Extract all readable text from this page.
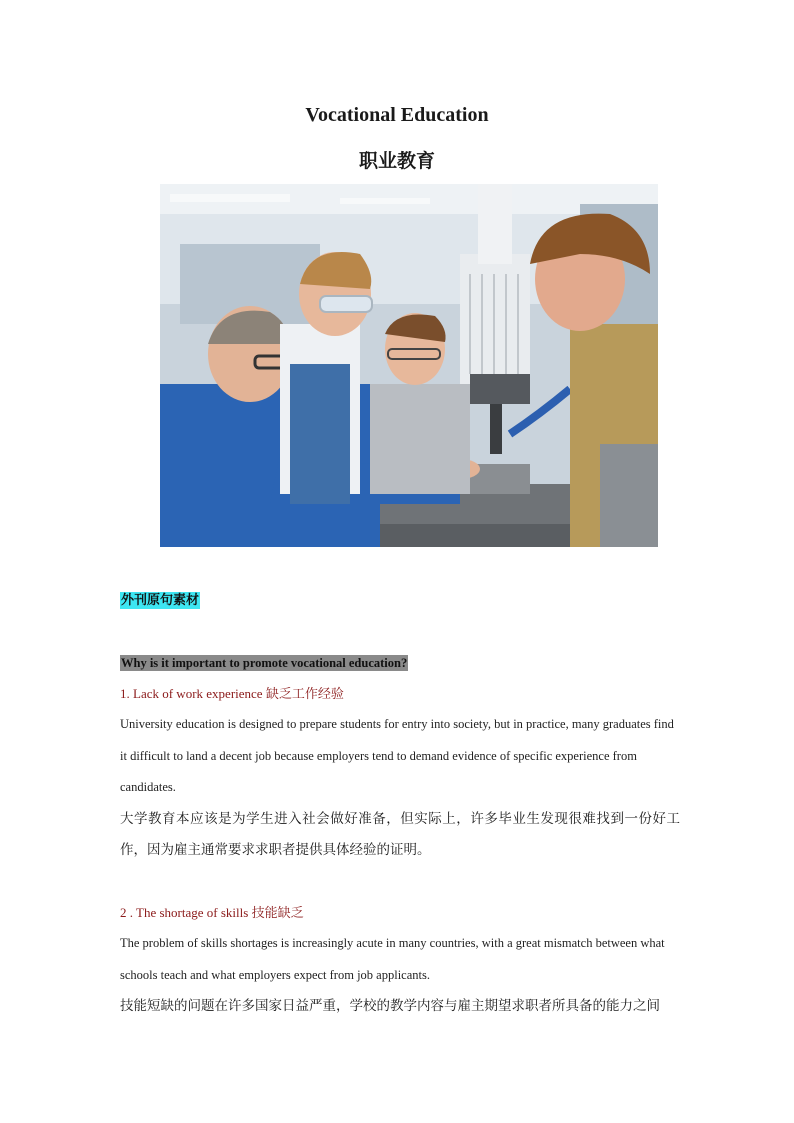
Vocational Education
职业教育
外刊原句素材
Why is it important to promote vocational education?
1. Lack of work experience 缺乏工作经验
University education is designed to prepare students for entry into society, but in practice, many graduates find it difficult to land a decent job because employers tend to demand evidence of specific experience from candidates.
大学教育本应该是为学生进入社会做好准备，但实际上，许多毕业生发现很难找到一份好工作，因为雇主通常要求求职者提供具体经验的证明。
2 . The shortage of skills 技能缺乏
The problem of skills shortages is increasingly acute in many countries, with a great mismatch between what schools teach and what employers expect from job applicants.
技能短缺的问题在许多国家日益严重，学校的教学内容与雇主期望求职者所具备的能力之间
